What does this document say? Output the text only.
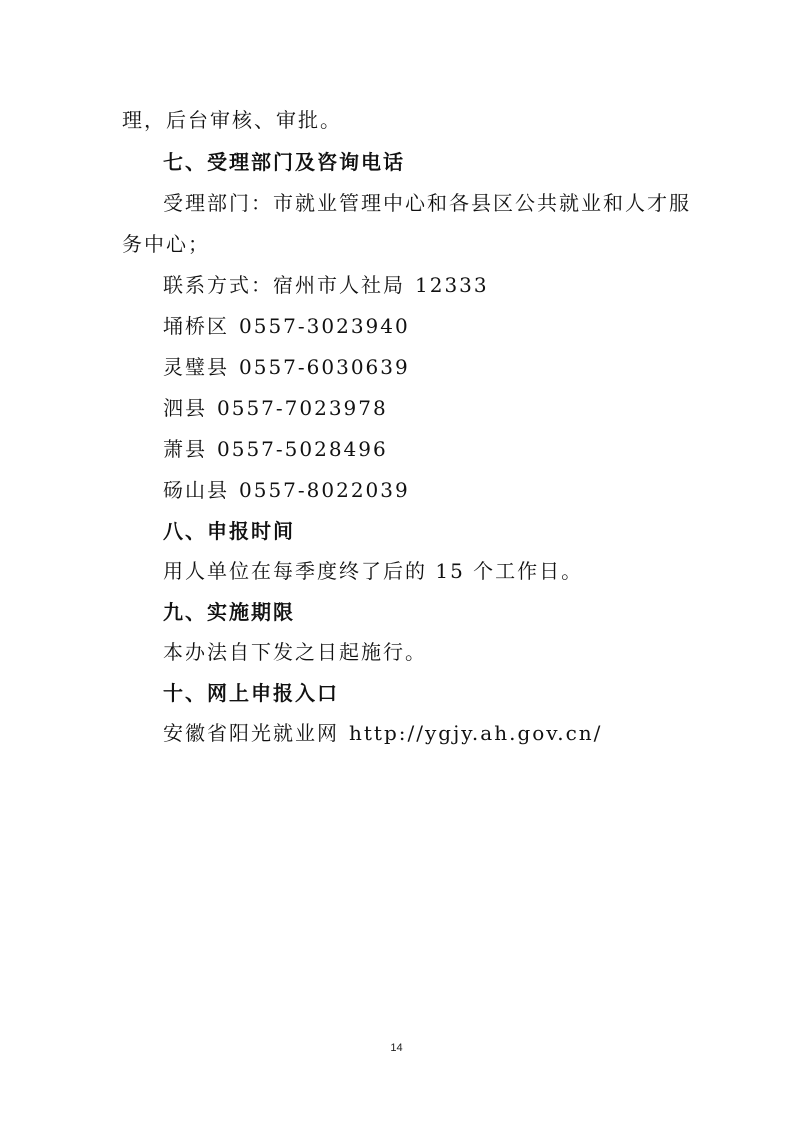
理，后台审核、审批。
七、受理部门及咨询电话
受理部门：市就业管理中心和各县区公共就业和人才服
务中心；
联系方式：宿州市人社局 12333
埇桥区 0557-3023940
灵璧县 0557-6030639
泗县 0557-7023978
萧县 0557-5028496
砀山县 0557-8022039
八、申报时间
用人单位在每季度终了后的 15 个工作日。
九、实施期限
本办法自下发之日起施行。
十、网上申报入口
安徽省阳光就业网 http://ygjy.ah.gov.cn/
14
